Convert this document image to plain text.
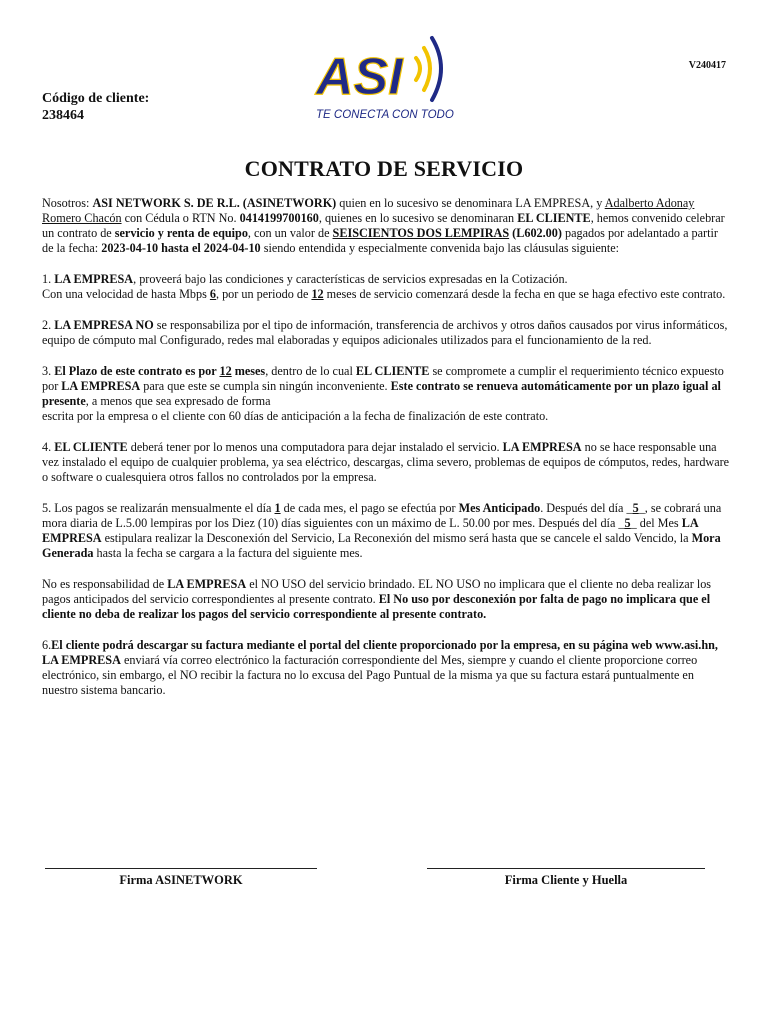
V240417
Código de cliente:
238464
ASI
TE CONECTA CON TODO
CONTRATO DE SERVICIO

Nosotros: ASI NETWORK S. DE R.L. (ASINETWORK) quien en lo sucesivo se denominara LA EMPRESA, y Adalberto Adonay Romero Chacón con Cédula o RTN No. 0414199700160, quienes en lo sucesivo se denominaran EL CLIENTE, hemos convenido celebrar un contrato de servicio y renta de equipo, con un valor de SEISCIENTOS DOS LEMPIRAS (L602.00) pagados por adelantado a partir de la fecha: 2023-04-10 hasta el 2024-04-10 siendo entendida y especialmente convenida bajo las cláusulas siguiente:

1. LA EMPRESA, proveerá bajo las condiciones y características de servicios expresadas en la Cotización.
Con una velocidad de hasta Mbps 6, por un periodo de 12 meses de servicio comenzará desde la fecha en que se haga efectivo este contrato.

2. LA EMPRESA NO se responsabiliza por el tipo de información, transferencia de archivos y otros daños causados por virus informáticos, equipo de cómputo mal Configurado, redes mal elaboradas y equipos adicionales utilizados para el funcionamiento de la red.

3. El Plazo de este contrato es por 12 meses, dentro de lo cual EL CLIENTE se compromete a cumplir el requerimiento técnico expuesto por LA EMPRESA para que este se cumpla sin ningún inconveniente. Este contrato se renueva automáticamente por un plazo igual al presente, a menos que sea expresado de forma
escrita por la empresa o el cliente con 60 días de anticipación a la fecha de finalización de este contrato.

4. EL CLIENTE deberá tener por lo menos una computadora para dejar instalado el servicio. LA EMPRESA no se hace responsable una vez instalado el equipo de cualquier problema, ya sea eléctrico, descargas, clima severo, problemas de equipos de cómputos, redes, hardware o software o cualesquiera otros fallos no controlados por la empresa.

5. Los pagos se realizarán mensualmente el día 1 de cada mes, el pago se efectúa por Mes Anticipado. Después del día _5_, se cobrará una mora diaria de L.5.00 lempiras por los Diez (10) días siguientes con un máximo de L. 50.00 por mes. Después del día _5_ del Mes LA EMPRESA estipulara realizar la Desconexión del Servicio, La Reconexión del mismo será hasta que se cancele el saldo Vencido, la Mora Generada hasta la fecha se cargara a la factura del siguiente mes.

No es responsabilidad de LA EMPRESA el NO USO del servicio brindado. EL NO USO no implicara que el cliente no deba realizar los pagos anticipados del servicio correspondientes al presente contrato. El No uso por desconexión por falta de pago no implicara que el cliente no deba de realizar los pagos del servicio correspondiente al presente contrato.

6.El cliente podrá descargar su factura mediante el portal del cliente proporcionado por la empresa, en su página web www.asi.hn,
LA EMPRESA enviará vía correo electrónico la facturación correspondiente del Mes, siempre y cuando el cliente proporcione correo electrónico, sin embargo, el NO recibir la factura no lo excusa del Pago Puntual de la misma ya que su factura estará puntualmente en nuestro sistema bancario.

Firma ASINETWORK	Firma Cliente y Huella
